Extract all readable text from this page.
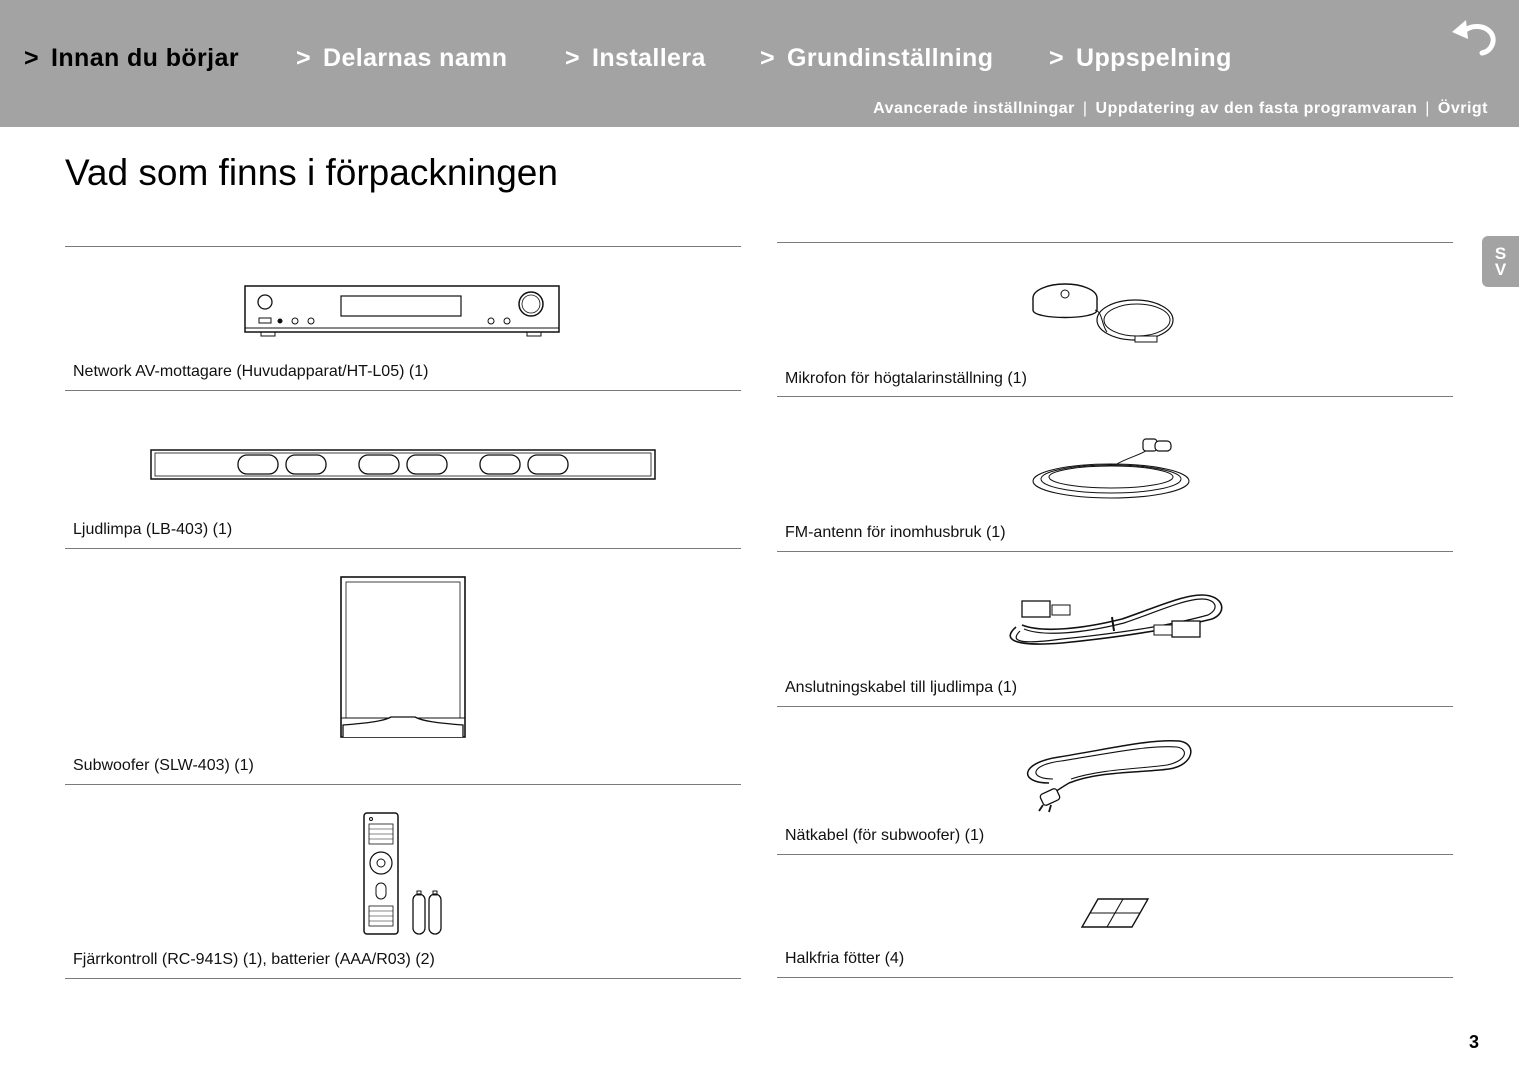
> Innan du börjar > Delarnas namn > Installera > Grundinställning > Uppspelning
Avancerade inställningar | Uppdatering av den fasta programvaran | Övrigt
Vad som finns i förpackningen
S
V
Network AV-mottagare (Huvudapparat/HT-L05) (1)
Ljudlimpa (LB-403) (1)
Subwoofer (SLW-403) (1)
Fjärrkontroll (RC-941S) (1), batterier (AAA/R03) (2)
Mikrofon för högtalarinställning (1)
FM-antenn för inomhusbruk (1)
Anslutningskabel till ljudlimpa (1)
Nätkabel (för subwoofer) (1)
Halkfria fötter (4)
3
